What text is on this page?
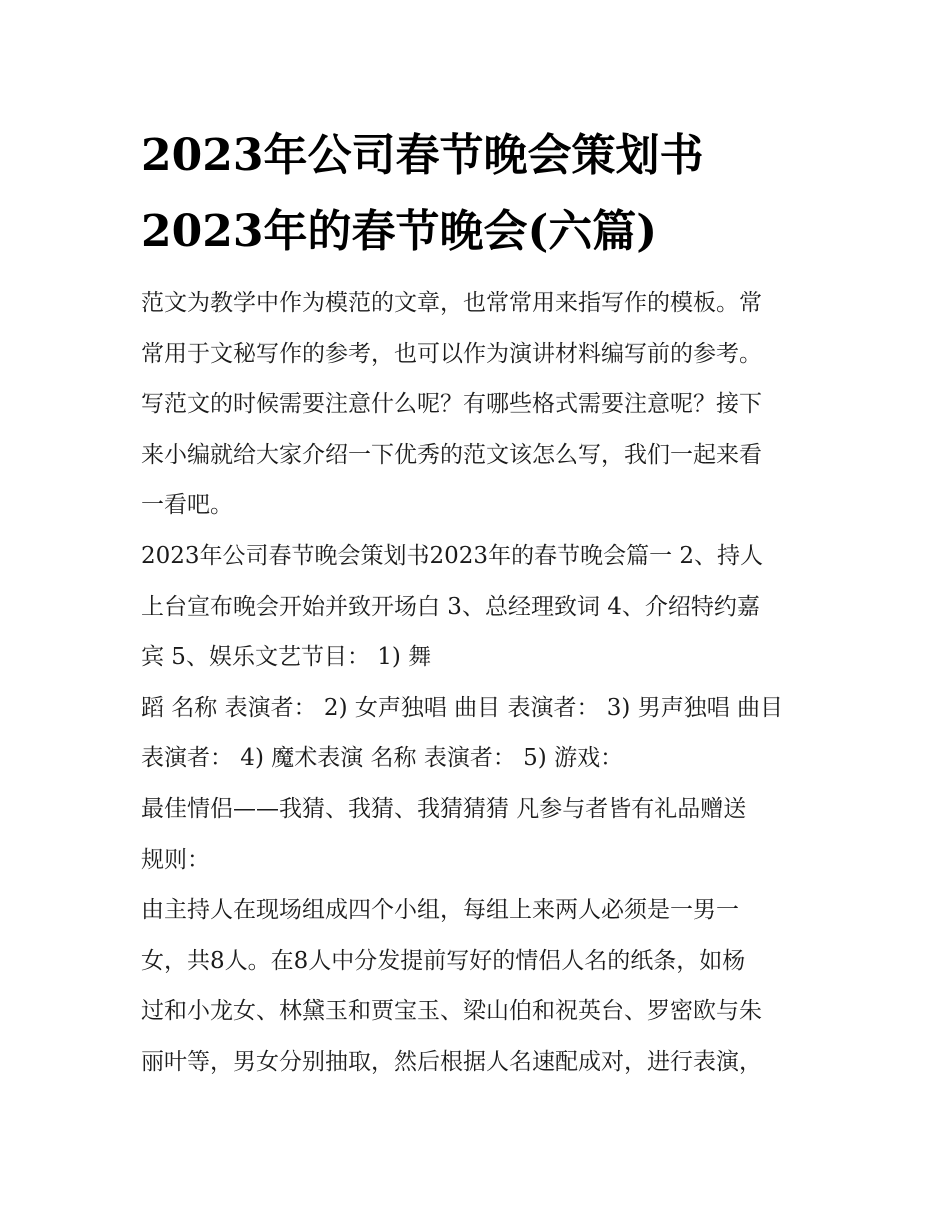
2023年公司春节晚会策划书
2023年的春节晚会(六篇)
范文为教学中作为模范的文章，也常常用来指写作的模板。常
常用于文秘写作的参考，也可以作为演讲材料编写前的参考。
写范文的时候需要注意什么呢？有哪些格式需要注意呢？接下
来小编就给大家介绍一下优秀的范文该怎么写，我们一起来看
一看吧。
2023年公司春节晚会策划书2023年的春节晚会篇一 2、持人
上台宣布晚会开始并致开场白 3、总经理致词 4、介绍特约嘉
宾 5、娱乐文艺节目： 1) 舞
蹈 名称 表演者： 2) 女声独唱 曲目 表演者： 3) 男声独唱 曲目
表演者： 4) 魔术表演 名称 表演者： 5) 游戏：
最佳情侣——我猜、我猜、我猜猜猜 凡参与者皆有礼品赠送
规则：
由主持人在现场组成四个小组，每组上来两人必须是一男一
女，共8人。在8人中分发提前写好的情侣人名的纸条，如杨
过和小龙女、林黛玉和贾宝玉、梁山伯和祝英台、罗密欧与朱
丽叶等，男女分别抽取，然后根据人名速配成对，进行表演，
